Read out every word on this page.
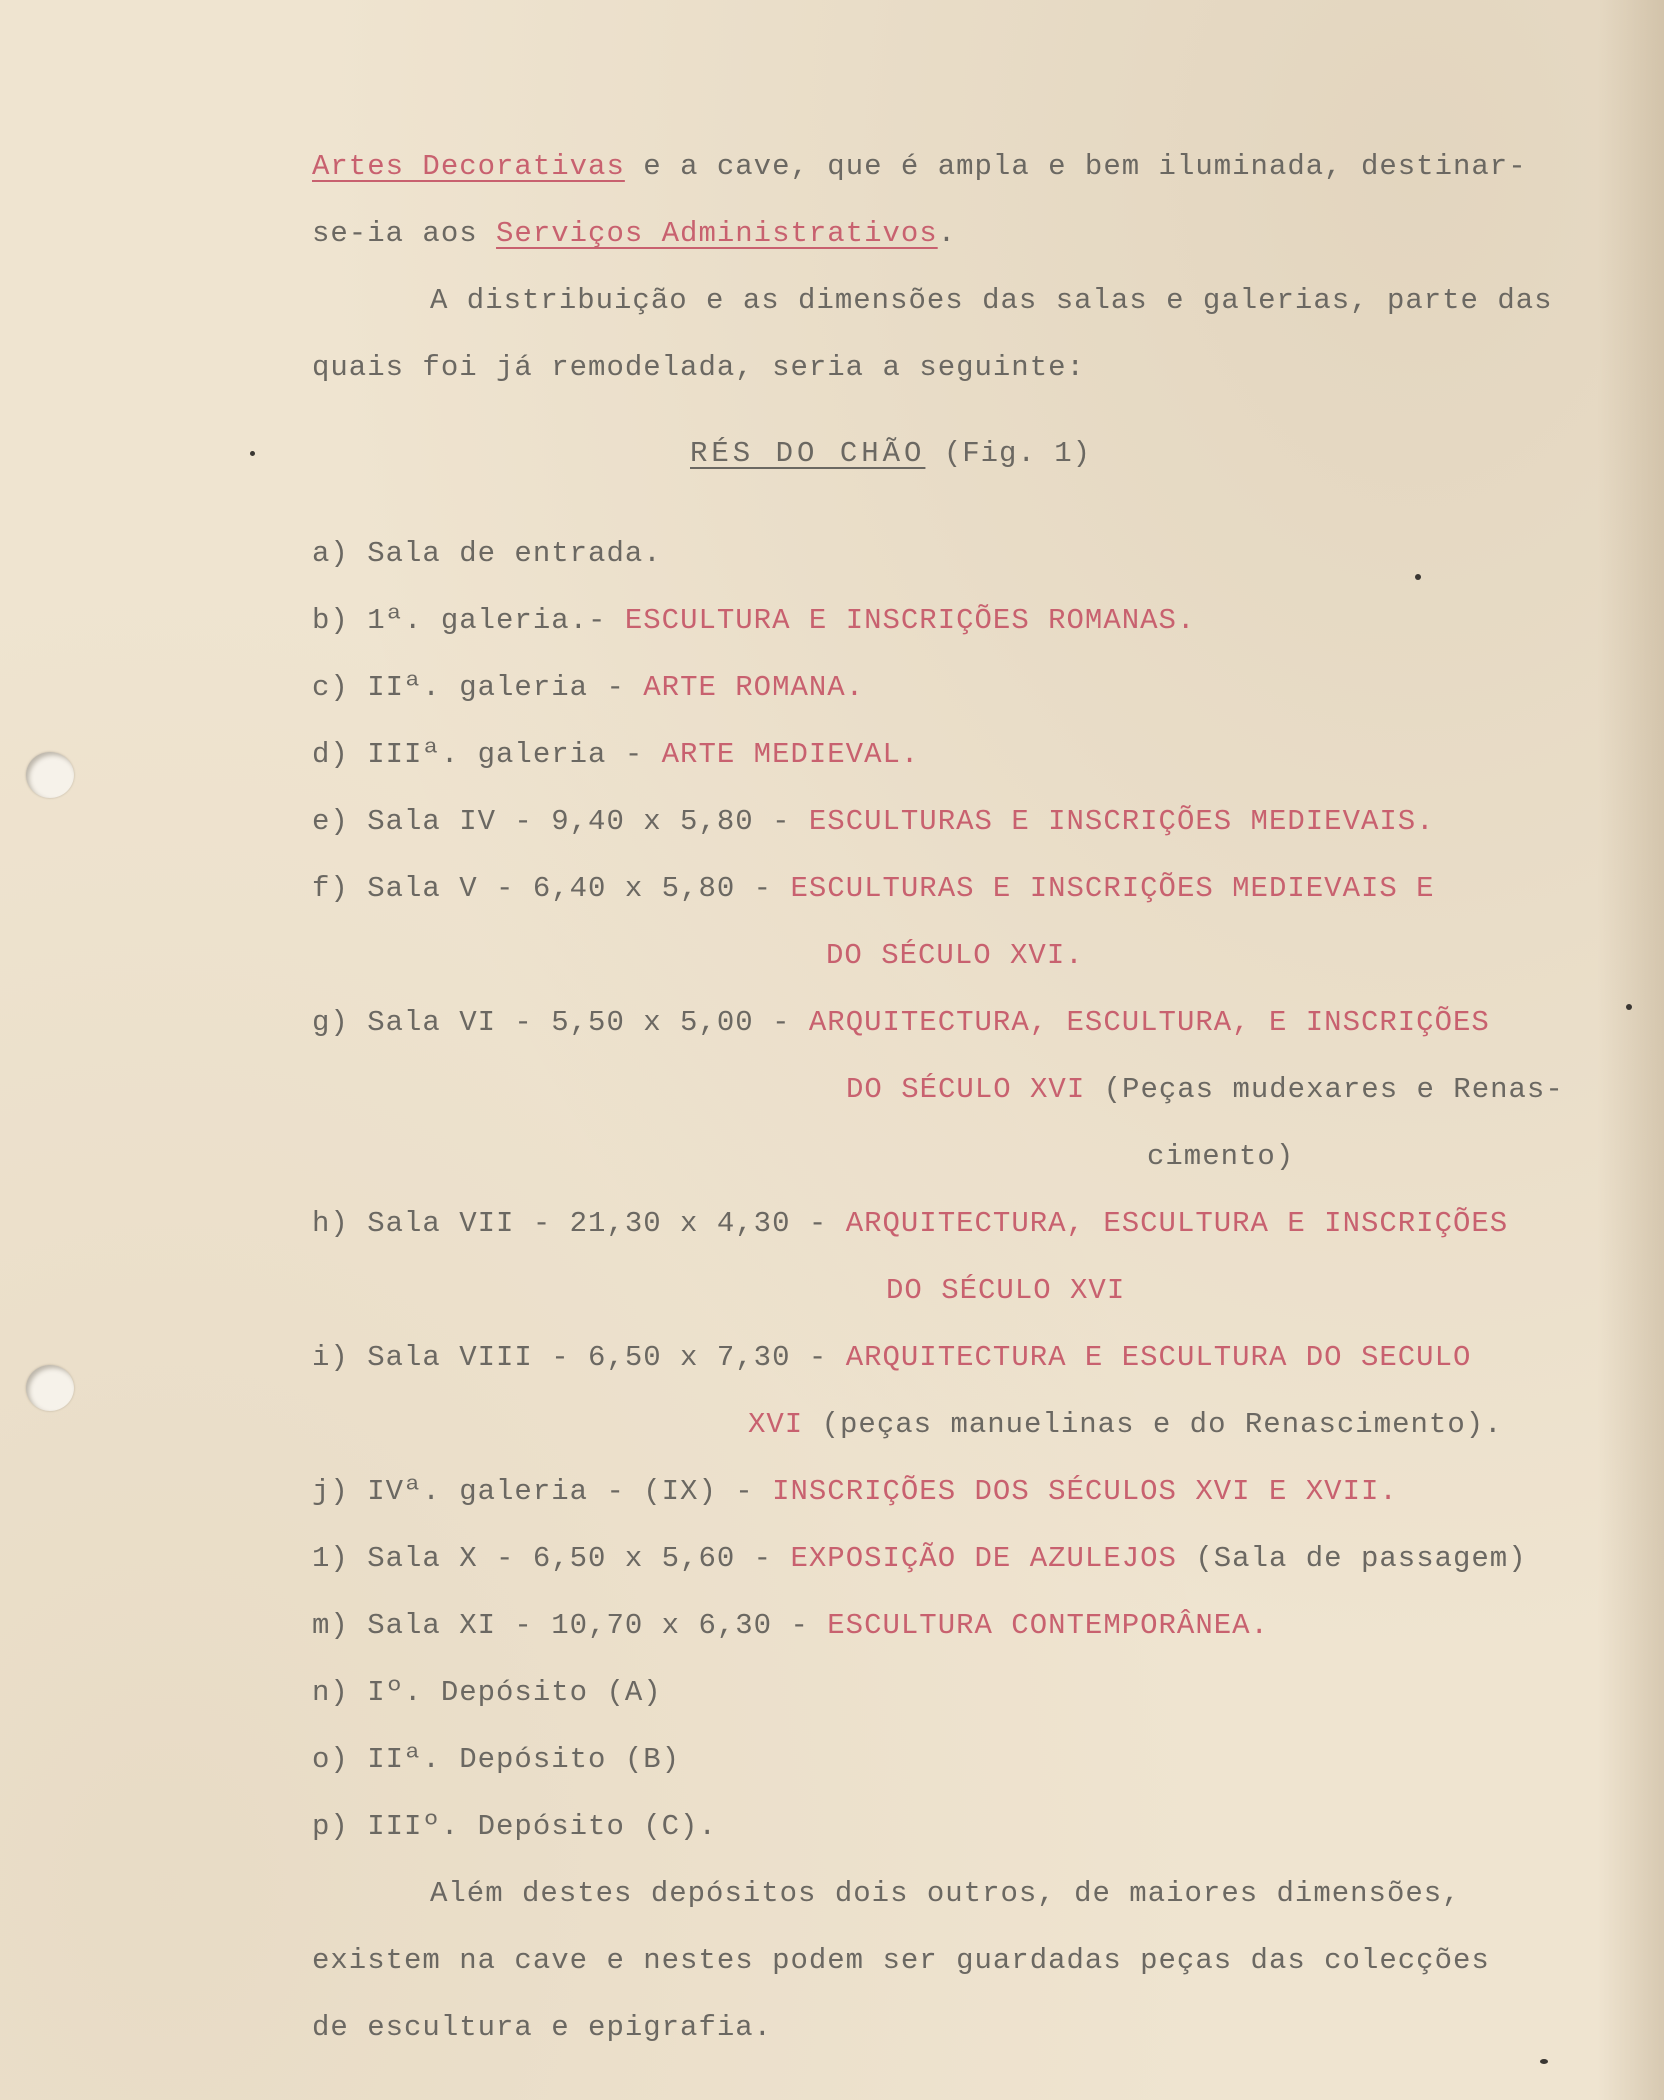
Artes Decorativas e a cave, que é ampla e bem iluminada, destinar-
se-ia aos Serviços Administrativos.
A distribuição e as dimensões das salas e galerias, parte das
quais foi já remodelada, seria a seguinte:
RÉS DO CHÃO (Fig. 1)
a) Sala de entrada.
b) 1ª. galeria.- ESCULTURA E INSCRIÇÕES ROMANAS.
c) IIª. galeria - ARTE ROMANA.
d) IIIª. galeria - ARTE MEDIEVAL.
e) Sala IV - 9,40 x 5,80 - ESCULTURAS E INSCRIÇÕES MEDIEVAIS.
f) Sala V - 6,40 x 5,80 - ESCULTURAS E INSCRIÇÕES MEDIEVAIS E
DO SÉCULO XVI.
g) Sala VI - 5,50 x 5,00 - ARQUITECTURA, ESCULTURA, E INSCRIÇÕES
DO SÉCULO XVI (Peças mudexares e Renas-
cimento)
h) Sala VII - 21,30 x 4,30 - ARQUITECTURA, ESCULTURA E INSCRIÇÕES
DO SÉCULO XVI
i) Sala VIII - 6,50 x 7,30 - ARQUITECTURA E ESCULTURA DO SECULO
XVI (peças manuelinas e do Renascimento).
j) IVª. galeria - (IX) - INSCRIÇÕES DOS SÉCULOS XVI E XVII.
1) Sala X - 6,50 x 5,60 - EXPOSIÇÃO DE AZULEJOS (Sala de passagem)
m) Sala XI - 10,70 x 6,30 - ESCULTURA CONTEMPORÂNEA.
n) Iº. Depósito (A)
o) IIª. Depósito (B)
p) IIIº. Depósito (C).
Além destes depósitos dois outros, de maiores dimensões,
existem na cave e nestes podem ser guardadas peças das colecções
de escultura e epigrafia.
